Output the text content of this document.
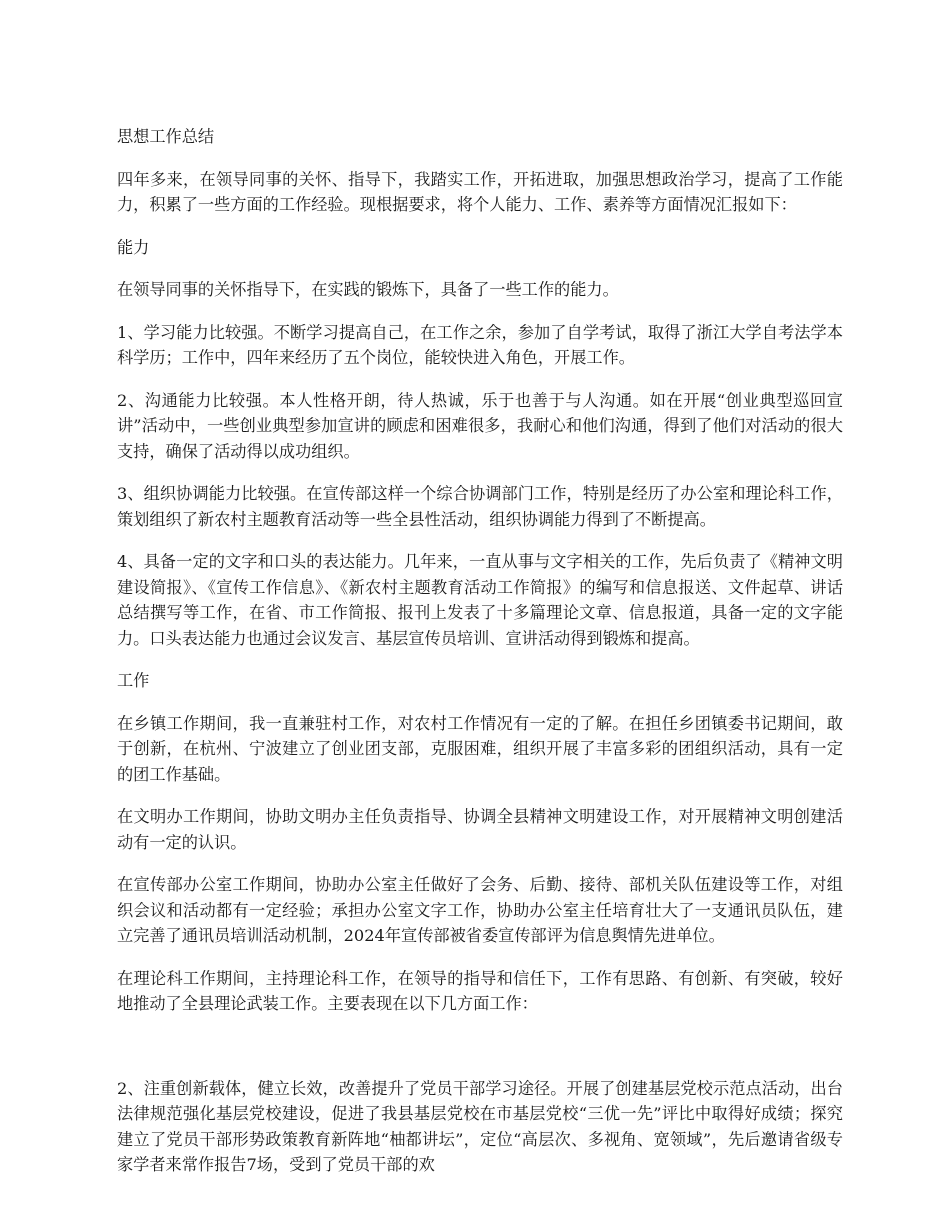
思想工作总结

四年多来，在领导同事的关怀、指导下，我踏实工作，开拓进取，加强思想政治学习，提高了工作能力，积累了一些方面的工作经验。现根据要求，将个人能力、工作、素养等方面情况汇报如下：

能力

在领导同事的关怀指导下，在实践的锻炼下，具备了一些工作的能力。

1、学习能力比较强。不断学习提高自己，在工作之余，参加了自学考试，取得了浙江大学自考法学本科学历；工作中，四年来经历了五个岗位，能较快进入角色，开展工作。

2、沟通能力比较强。本人性格开朗，待人热诚，乐于也善于与人沟通。如在开展“创业典型巡回宣讲”活动中，一些创业典型参加宣讲的顾虑和困难很多，我耐心和他们沟通，得到了他们对活动的很大支持，确保了活动得以成功组织。

3、组织协调能力比较强。在宣传部这样一个综合协调部门工作，特别是经历了办公室和理论科工作，策划组织了新农村主题教育活动等一些全县性活动，组织协调能力得到了不断提高。

4、具备一定的文字和口头的表达能力。几年来，一直从事与文字相关的工作，先后负责了《精神文明建设简报》、《宣传工作信息》、《新农村主题教育活动工作简报》的编写和信息报送、文件起草、讲话总结撰写等工作，在省、市工作简报、报刊上发表了十多篇理论文章、信息报道，具备一定的文字能力。口头表达能力也通过会议发言、基层宣传员培训、宣讲活动得到锻炼和提高。

工作

在乡镇工作期间，我一直兼驻村工作，对农村工作情况有一定的了解。在担任乡团镇委书记期间，敢于创新，在杭州、宁波建立了创业团支部，克服困难，组织开展了丰富多彩的团组织活动，具有一定的团工作基础。

在文明办工作期间，协助文明办主任负责指导、协调全县精神文明建设工作，对开展精神文明创建活动有一定的认识。

在宣传部办公室工作期间，协助办公室主任做好了会务、后勤、接待、部机关队伍建设等工作，对组织会议和活动都有一定经验；承担办公室文字工作，协助办公室主任培育壮大了一支通讯员队伍，建立完善了通讯员培训活动机制，2024年宣传部被省委宣传部评为信息舆情先进单位。

在理论科工作期间，主持理论科工作，在领导的指导和信任下，工作有思路、有创新、有突破，较好地推动了全县理论武装工作。主要表现在以下几方面工作：

2、注重创新载体，健立长效，改善提升了党员干部学习途径。开展了创建基层党校示范点活动，出台法律规范强化基层党校建设，促进了我县基层党校在市基层党校“三优一先”评比中取得好成绩；探究建立了党员干部形势政策教育新阵地“柚都讲坛”，定位“高层次、多视角、宽领域”，先后邀请省级专家学者来常作报告7场，受到了党员干部的欢
